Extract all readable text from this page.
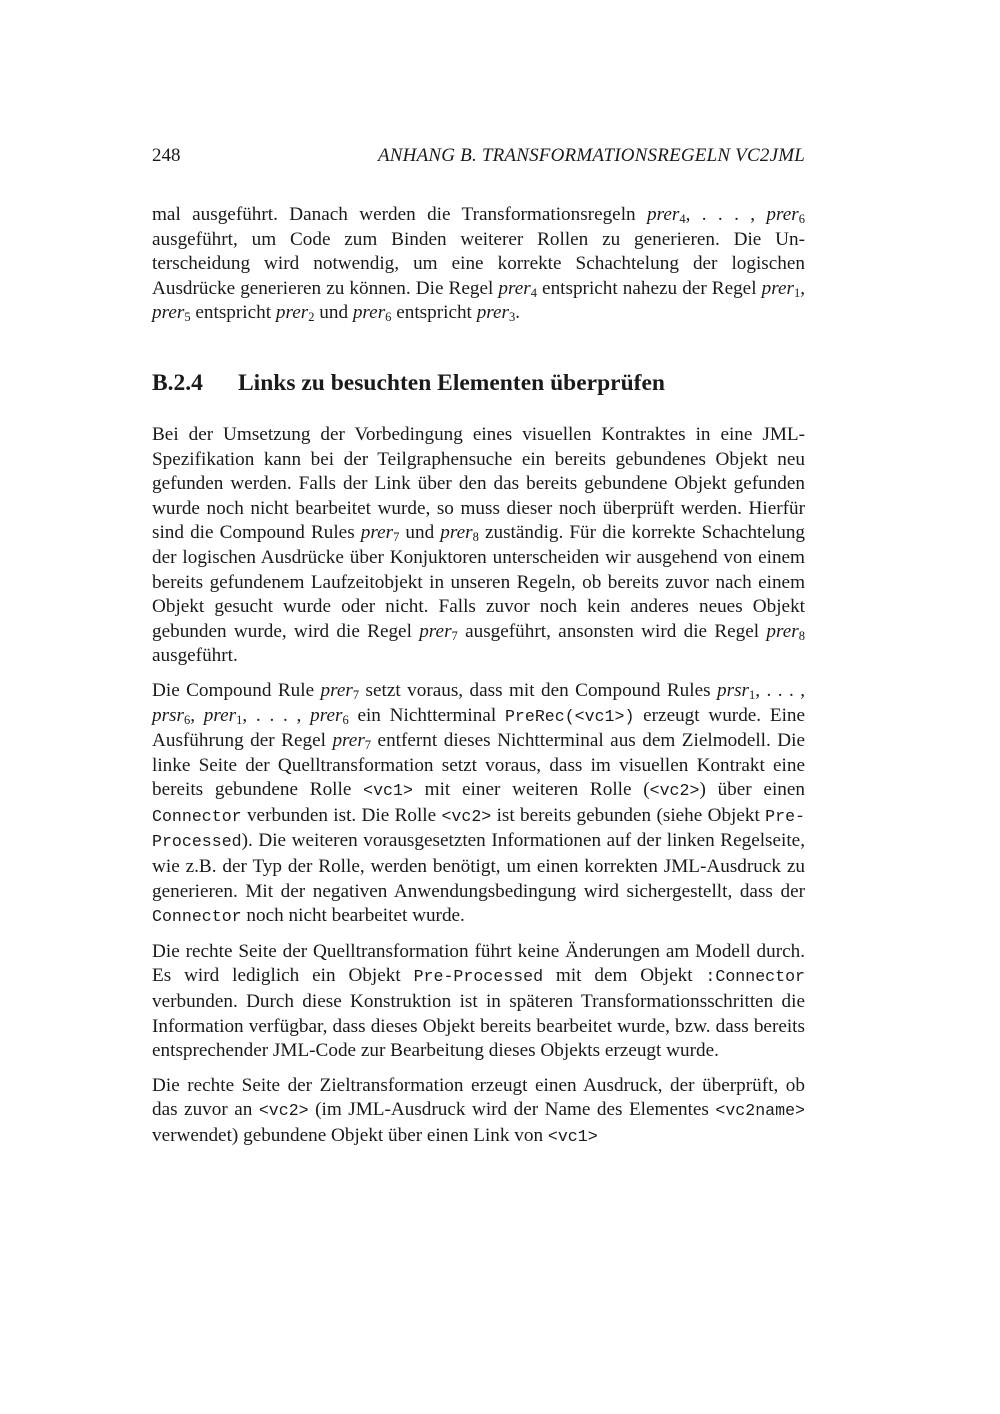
248	ANHANG B. TRANSFORMATIONSREGELN VC2JML

mal ausgeführt. Danach werden die Transformationsregeln prer$_4$, . . . , prer$_6$ ausgeführt, um Code zum Binden weiterer Rollen zu generieren. Die Unterscheidung wird notwendig, um eine korrekte Schachtelung der logischen Ausdrücke generieren zu können. Die Regel prer$_4$ entspricht nahezu der Regel prer$_1$, prer$_5$ entspricht prer$_2$ und prer$_6$ entspricht prer$_3$.

B.2.4	Links zu besuchten Elementen überprüfen

Bei der Umsetzung der Vorbedingung eines visuellen Kontraktes in eine JML-Spezifikation kann bei der Teilgraphensuche ein bereits gebundenes Objekt neu gefunden werden. Falls der Link über den das bereits gebundene Objekt gefunden wurde noch nicht bearbeitet wurde, so muss dieser noch überprüft werden. Hierfür sind die Compound Rules prer$_7$ und prer$_8$ zuständig. Für die korrekte Schachtelung der logischen Ausdrücke über Konjuktoren unterscheiden wir ausgehend von einem bereits gefundenem Laufzeitobjekt in unseren Regeln, ob bereits zuvor nach einem Objekt gesucht wurde oder nicht. Falls zuvor noch kein anderes neues Objekt gebunden wurde, wird die Regel prer$_7$ ausgeführt, ansonsten wird die Regel prer$_8$ ausgeführt.

Die Compound Rule prer$_7$ setzt voraus, dass mit den Compound Rules prsr$_1$, . . . , prsr$_6$, prer$_1$, . . . , prer$_6$ ein Nichtterminal PreRec(<vc1>) erzeugt wurde. Eine Ausführung der Regel prer$_7$ entfernt dieses Nichtterminal aus dem Zielmodell. Die linke Seite der Quelltransformation setzt voraus, dass im visuellen Kontrakt eine bereits gebundene Rolle <vc1> mit einer weiteren Rolle (<vc2>) über einen Connector verbunden ist. Die Rolle <vc2> ist bereits gebunden (siehe Objekt Pre-Processed). Die weiteren vorausgesetzten Informationen auf der linken Regelseite, wie z.B. der Typ der Rolle, werden benötigt, um einen korrekten JML-Ausdruck zu generieren. Mit der negativen Anwendungsbedingung wird sichergestellt, dass der Connector noch nicht bearbeitet wurde.

Die rechte Seite der Quelltransformation führt keine Änderungen am Modell durch. Es wird lediglich ein Objekt Pre-Processed mit dem Objekt :Connector verbunden. Durch diese Konstruktion ist in späteren Transformationsschritten die Information verfügbar, dass dieses Objekt bereits bearbeitet wurde, bzw. dass bereits entsprechender JML-Code zur Bearbeitung dieses Objekts erzeugt wurde.

Die rechte Seite der Zieltransformation erzeugt einen Ausdruck, der überprüft, ob das zuvor an <vc2> (im JML-Ausdruck wird der Name des Elementes <vc2name> verwendet) gebundene Objekt über einen Link von <vc1>
